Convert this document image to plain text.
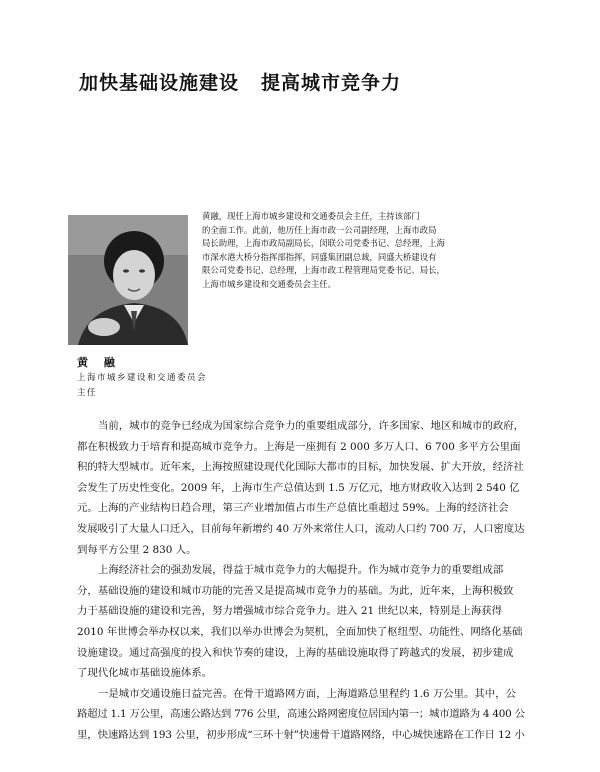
加快基础设施建设 提高城市竞争力
黄融，现任上海市城乡建设和交通委员会主任，主持该部门
的全面工作。此前，他历任上海市政一公司副经理，上海市政局
局长助理，上海市政局副局长，闵联公司党委书记、总经理，上海
市深水港大桥分指挥部指挥，同盛集团副总裁，同盛大桥建设有
限公司党委书记、总经理，上海市政工程管理局党委书记、局长，
上海市城乡建设和交通委员会主任。
黄 融
上海市城乡建设和交通委员会
主任
当前，城市的竞争已经成为国家综合竞争力的重要组成部分，许多国家、地区和城市的政府，
都在积极致力于培育和提高城市竞争力。上海是一座拥有 2 000 多万人口、6 700 多平方公里面
积的特大型城市。近年来，上海按照建设现代化国际大都市的目标，加快发展、扩大开放，经济社
会发生了历史性变化。2009 年，上海市生产总值达到 1.5 万亿元，地方财政收入达到 2 540 亿
元。上海的产业结构日趋合理，第三产业增加值占市生产总值比重超过 59%。上海的经济社会
发展吸引了大量人口迁入，目前每年新增约 40 万外来常住人口，流动人口约 700 万，人口密度达
到每平方公里 2 830 人。
上海经济社会的强劲发展，得益于城市竞争力的大幅提升。作为城市竞争力的重要组成部
分，基础设施的建设和城市功能的完善又是提高城市竞争力的基础。为此，近年来，上海积极致
力于基础设施的建设和完善，努力增强城市综合竞争力。进入 21 世纪以来，特别是上海获得
2010 年世博会举办权以来，我们以举办世博会为契机，全面加快了枢纽型、功能性、网络化基础
设施建设。通过高强度的投入和快节奏的建设，上海的基础设施取得了跨越式的发展，初步建成
了现代化城市基础设施体系。
一是城市交通设施日益完善。在骨干道路网方面，上海道路总里程约 1.6 万公里。其中，公
路超过 1.1 万公里，高速公路达到 776 公里，高速公路网密度位居国内第一；城市道路为 4 400 公
里，快速路达到 193 公里，初步形成“三环十射”快速骨干道路网络，中心城快速路在工作日 12 小
